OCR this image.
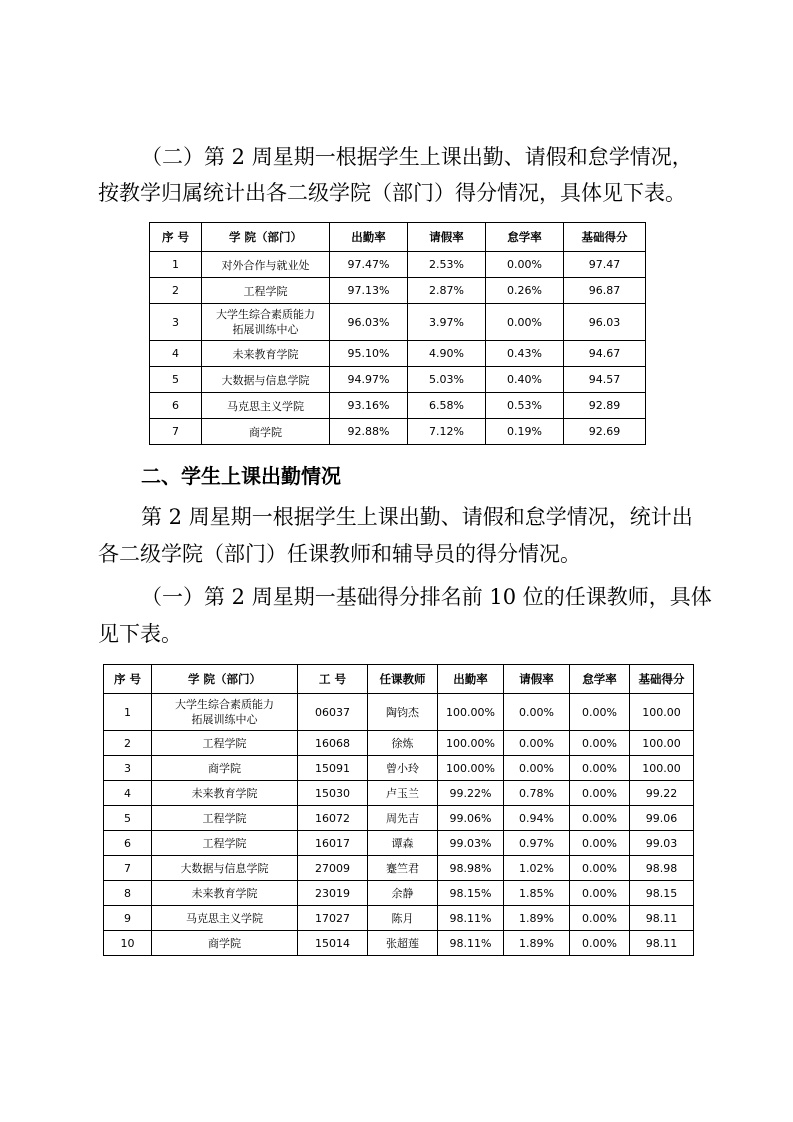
（二）第 2 周星期一根据学生上课出勤、请假和怠学情况，

按教学归属统计出各二级学院（部门）得分情况，具体见下表。

序 号	学 院（部门）	出勤率	请假率	怠学率	基础得分
1	对外合作与就业处	97.47%	2.53%	0.00%	97.47
2	工程学院	97.13%	2.87%	0.26%	96.87
3	大学生综合素质能力
拓展训练中心	96.03%	3.97%	0.00%	96.03
4	未来教育学院	95.10%	4.90%	0.43%	94.67
5	大数据与信息学院	94.97%	5.03%	0.40%	94.57
6	马克思主义学院	93.16%	6.58%	0.53%	92.89
7	商学院	92.88%	7.12%	0.19%	92.69

二、学生上课出勤情况

第 2 周星期一根据学生上课出勤、请假和怠学情况，统计出

各二级学院（部门）任课教师和辅导员的得分情况。

（一）第 2 周星期一基础得分排名前 10 位的任课教师，具体

见下表。

序 号	学 院（部门）	工 号	任课教师	出勤率	请假率	怠学率	基础得分
1	大学生综合素质能力
拓展训练中心	06037	陶钧杰	100.00%	0.00%	0.00%	100.00
2	工程学院	16068	徐炼	100.00%	0.00%	0.00%	100.00
3	商学院	15091	曾小玲	100.00%	0.00%	0.00%	100.00
4	未来教育学院	15030	卢玉兰	99.22%	0.78%	0.00%	99.22
5	工程学院	16072	周先吉	99.06%	0.94%	0.00%	99.06
6	工程学院	16017	谭森	99.03%	0.97%	0.00%	99.03
7	大数据与信息学院	27009	蹇竺君	98.98%	1.02%	0.00%	98.98
8	未来教育学院	23019	余静	98.15%	1.85%	0.00%	98.15
9	马克思主义学院	17027	陈月	98.11%	1.89%	0.00%	98.11
10	商学院	15014	张超莲	98.11%	1.89%	0.00%	98.11
